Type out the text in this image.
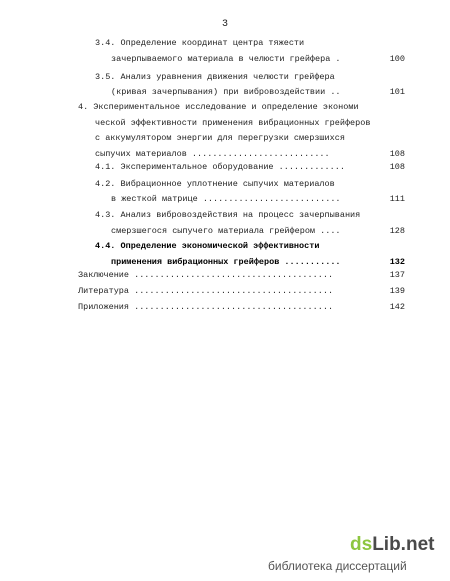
3
3.4. Определение координат центра тяжести
зачерпываемого материала в челюсти грейфера .	100
3.5. Анализ уравнения движения челюсти грейфера
(кривая зачерпывания) при вибровоздействии ..	101
4. Экспериментальное исследование и определение экономи
ческой эффективности применения вибрационных грейферов
с аккумулятором энергии для перегрузки смерзшихся
сыпучих материалов ...........................	108
4.1. Экспериментальное оборудование .............	108
4.2. Вибрационное уплотнение сыпучих материалов
в жесткой матрице ...........................	111
4.3. Анализ вибровоздействия на процесс зачерпывания
смерзшегося сыпучего материала грейфером ....	128
4.4. Определение экономической эффективности
применения вибрационных грейферов ...........	132
Заключение .......................................	137
Литература .......................................	139
Приложения .......................................	142
dsLib.net
библиотека диссертаций
